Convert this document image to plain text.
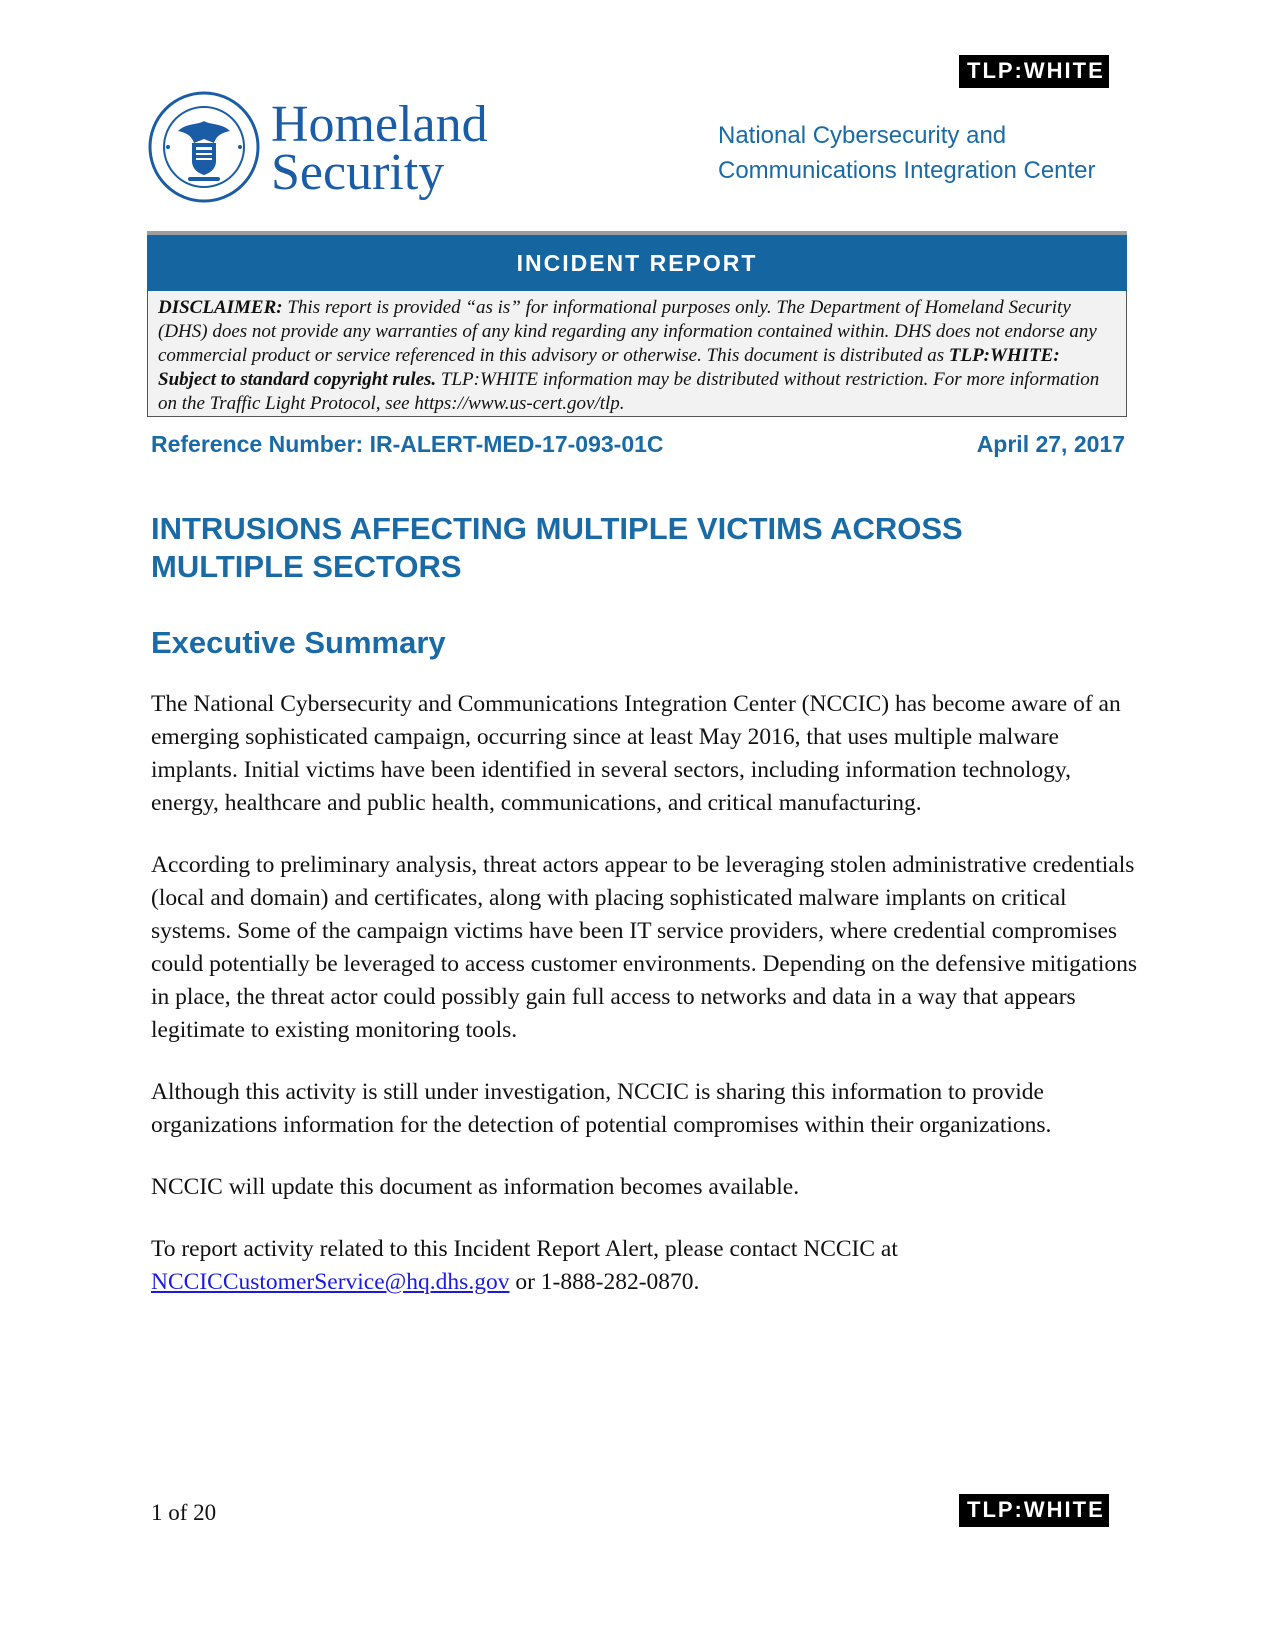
TLP:WHITE
Homeland
Security
National Cybersecurity and
Communications Integration Center
INCIDENT REPORT
DISCLAIMER: This report is provided “as is” for informational purposes only. The Department of Homeland Security (DHS) does not provide any warranties of any kind regarding any information contained within. DHS does not endorse any commercial product or service referenced in this advisory or otherwise. This document is distributed as TLP:WHITE: Subject to standard copyright rules. TLP:WHITE information may be distributed without restriction. For more information on the Traffic Light Protocol, see https://www.us-cert.gov/tlp.
Reference Number: IR-ALERT-MED-17-093-01C	April 27, 2017
INTRUSIONS AFFECTING MULTIPLE VICTIMS ACROSS
MULTIPLE SECTORS
Executive Summary

The National Cybersecurity and Communications Integration Center (NCCIC) has become aware of an emerging sophisticated campaign, occurring since at least May 2016, that uses multiple malware implants. Initial victims have been identified in several sectors, including information technology, energy, healthcare and public health, communications, and critical manufacturing.

According to preliminary analysis, threat actors appear to be leveraging stolen administrative credentials (local and domain) and certificates, along with placing sophisticated malware implants on critical systems. Some of the campaign victims have been IT service providers, where credential compromises could potentially be leveraged to access customer environments. Depending on the defensive mitigations in place, the threat actor could possibly gain full access to networks and data in a way that appears legitimate to existing monitoring tools.

Although this activity is still under investigation, NCCIC is sharing this information to provide organizations information for the detection of potential compromises within their organizations.

NCCIC will update this document as information becomes available.

To report activity related to this Incident Report Alert, please contact NCCIC at
NCCICCustomerService@hq.dhs.gov or 1-888-282-0870.

1 of 20	TLP:WHITE
